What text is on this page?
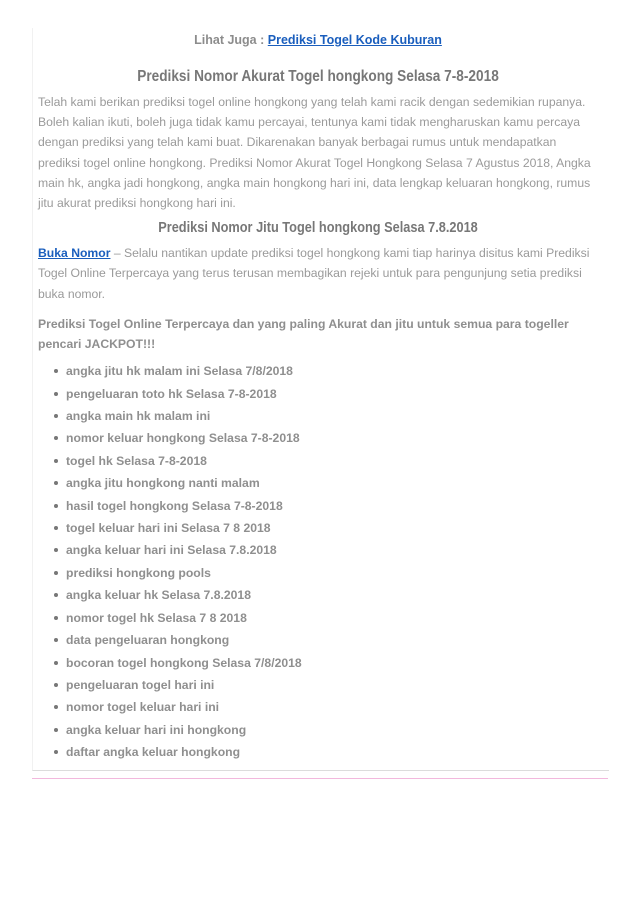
Lihat Juga : Prediksi Togel Kode Kuburan
Prediksi Nomor Akurat Togel hongkong Selasa 7-8-2018

Telah kami berikan prediksi togel online hongkong yang telah kami racik dengan sedemikian rupanya. Boleh kalian ikuti, boleh juga tidak kamu percayai, tentunya kami tidak mengharuskan kamu percaya dengan prediksi yang telah kami buat. Dikarenakan banyak berbagai rumus untuk mendapatkan prediksi togel online hongkong. Prediksi Nomor Akurat Togel Hongkong Selasa 7 Agustus 2018, Angka main hk, angka jadi hongkong, angka main hongkong hari ini, data lengkap keluaran hongkong, rumus jitu akurat prediksi hongkong hari ini.

Prediksi Nomor Jitu Togel hongkong Selasa 7.8.2018

Buka Nomor – Selalu nantikan update prediksi togel hongkong kami tiap harinya disitus kami Prediksi Togel Online Terpercaya yang terus terusan membagikan rejeki untuk para pengunjung setia prediksi buka nomor.

Prediksi Togel Online Terpercaya dan yang paling Akurat dan jitu untuk semua para togeller pencari JACKPOT!!!

angka jitu hk malam ini Selasa 7/8/2018
pengeluaran toto hk Selasa 7-8-2018
angka main hk malam ini
nomor keluar hongkong Selasa 7-8-2018
togel hk Selasa 7-8-2018
angka jitu hongkong nanti malam
hasil togel hongkong Selasa 7-8-2018
togel keluar hari ini Selasa 7 8 2018
angka keluar hari ini Selasa 7.8.2018
prediksi hongkong pools
angka keluar hk Selasa 7.8.2018
nomor togel hk Selasa 7 8 2018
data pengeluaran hongkong
bocoran togel hongkong Selasa 7/8/2018
pengeluaran togel hari ini
nomor togel keluar hari ini
angka keluar hari ini hongkong
daftar angka keluar hongkong
